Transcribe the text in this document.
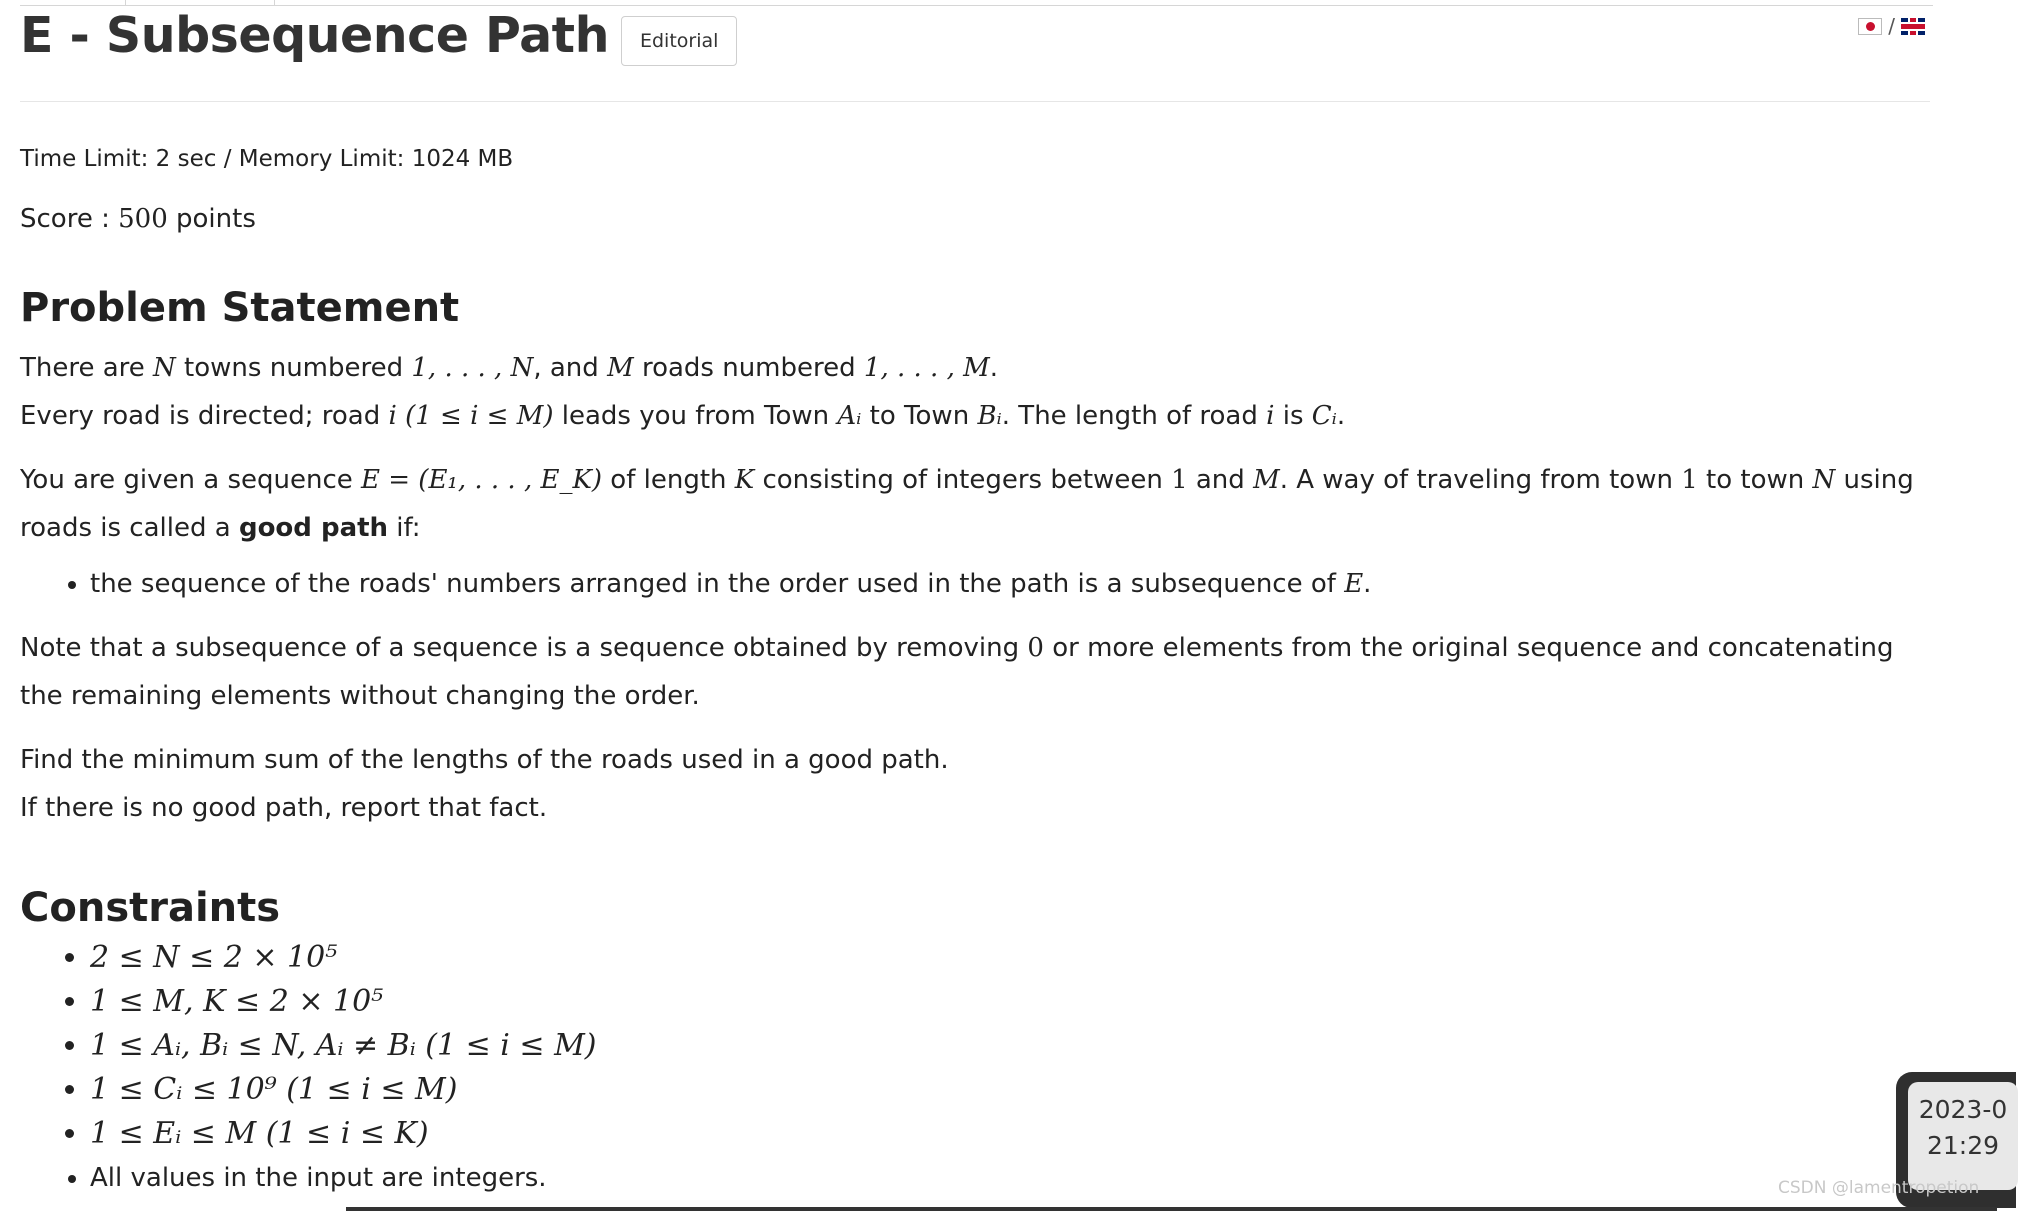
E - Subsequence Path	Editorial
/

Time Limit: 2 sec / Memory Limit: 1024 MB

Score : 500 points

Problem Statement

There are N towns numbered 1, . . . , N, and M roads numbered 1, . . . , M.

Every road is directed; road i (1 ≤ i ≤ M) leads you from Town Aᵢ to Town Bᵢ. The length of road i is Cᵢ.

You are given a sequence E = (E₁, . . . , E_K) of length K consisting of integers between 1 and M. A way of traveling from town 1 to town N using roads is called a good path if:

• the sequence of the roads' numbers arranged in the order used in the path is a subsequence of E.

Note that a subsequence of a sequence is a sequence obtained by removing 0 or more elements from the original sequence and concatenating the remaining elements without changing the order.

Find the minimum sum of the lengths of the roads used in a good path.

If there is no good path, report that fact.

Constraints
• 2 ≤ N ≤ 2 × 10⁵
• 1 ≤ M, K ≤ 2 × 10⁵
• 1 ≤ Aᵢ, Bᵢ ≤ N, Aᵢ ≠ Bᵢ (1 ≤ i ≤ M)
• 1 ≤ Cᵢ ≤ 10⁹ (1 ≤ i ≤ M)
• 1 ≤ Eᵢ ≤ M (1 ≤ i ≤ K)
• All values in the input are integers.
2023-0
21:29
CSDN @lamentropetion
